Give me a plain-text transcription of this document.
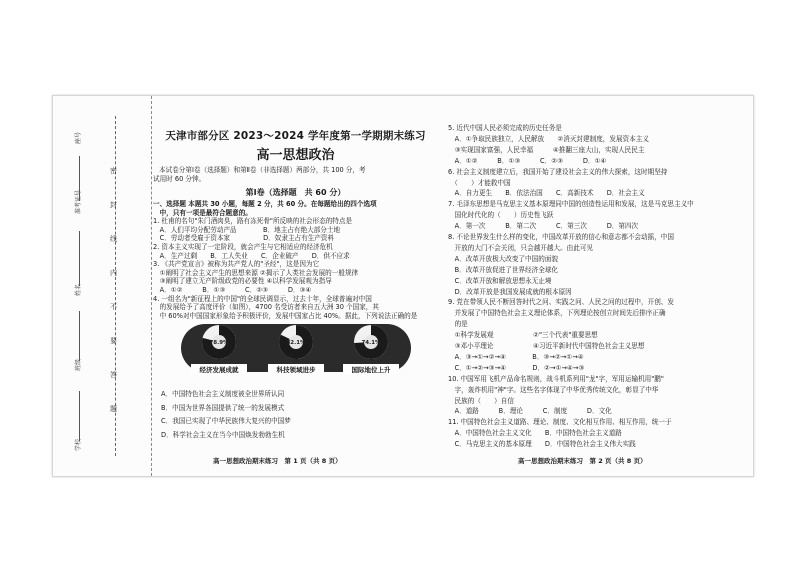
学校
班级
姓名
准考证号
座号
密
封
线
内
不
要
答
题
天津市部分区 2023～2024 学年度第一学期期末练习
高一思想政治
本试卷分第Ⅰ卷（选择题）和第Ⅱ卷（非选择题）两部分，共 100 分，考
试用时 60 分钟。
第Ⅰ卷（选择题　共 60 分）
一、选择题 本题共 30 小题，每题 2 分，共 60 分。在每题给出的四个选项
　中，只有一项是最符合题意的。
1. 杜甫的名句"朱门酒肉臭，路有冻死骨"所反映的社会形态的特点是
　A．人们平均分配劳动产品　　　　B．地主占有绝大部分土地
　C．劳动者受雇于资本家　　　　　D．奴隶主占有生产资料
2. 资本主义实现了一定阶段，就会产生与它相适应的经济危机
　A．生产过剩　　B．工人失业　　C．企业破产　　D．供不应求
3. 《共产党宣言》被称为共产党人的"圣经"，这是因为它
　①阐明了社会主义产生的思想来源 ②揭示了人类社会发展的一般规律
　③阐明了建立无产阶级政党的必要性 ④以科学发展观为指导
　A．①②　　　B．①③　　　C．②③　　　D．③④
4. 一组名为"新征程上的中国"的全球民调显示，过去十年，全球普遍对中国
　的发展给予了高度评价（如图），4700 名受访者来自五大洲 30 个国家，其
　中 60%对中国国家形象给予积极评价，发展中国家占比 40%。据此，下列说法正确的是
78.9%
经济发展成就
82.1%
科技领域进步
74.1%
国际地位上升
A．中国特色社会主义制度被全世界所认同
B．中国为世界各国提供了统一的发展模式
C．我国已实现了中华民族伟大复兴的中国梦
D．科学社会主义在当今中国焕发勃勃生机
高一思想政治期末练习　第 1 页（共 8 页）
5. 近代中国人民必须完成的历史任务是
　A．①争取民族独立，人民解放　　②消灭封建制度，发展资本主义
　③实现国家富强，人民幸福　　　④推翻三座大山，实现人民民主
　A．①②　　　B．①③　　　C．②③　　　D．①④
6. 社会主义制度建立后，我国开始了建设社会主义的伟大探索，这时期坚持
　（　　）才能救中国
　A．自力更生　　B．依法治国　　C．高新技术　　D．社会主义
7. 毛泽东思想是马克思主义基本原理同中国的创造性运用和发展，这是马克思主义中
　国化时代化的（　　）历史性飞跃
　A．第一次　　　B．第二次　　　C．第三次　　　D．第四次
8. 不论世界发生什么样的变化，中国改革开放的信心和意志都不会动摇，中国
　开放的大门不会关闭，只会越开越大。由此可见
　A．改革开放极大改变了中国的面貌
　B．改革开放促进了世界经济全球化
　C．改革开放和解放思想永无止境
　D．改革开放是我国发展成就的根本原因
9. 党在带领人民不断回答时代之问、实践之问、人民之问的过程中，开创、发
　并发展了中国特色社会主义理论体系，下列理论按创立时间先后排序正确
　的是
　①科学发展观　　　　　　②"三个代表"重要思想
　③邓小平理论　　　　　　④习近平新时代中国特色社会主义思想
　A．③→①→②→④　　　　B．③→②→①→④
　C．①→②→③→④　　　　D．②→①→④→③
10. 中国军用飞机产品命名规则，战斗机系列用"龙"字，军用运输机用"鹏"
　字，轰炸机用"神"字。这些名字体现了中华优秀传统文化，彰显了中华
　民族的（　　）自信
　A．道路　　　B．理论　　　C．制度　　　D．文化
11. 中国特色社会主义道路、理论、制度、文化相互作用、相互作用，统一于
　A．中国特色社会主义文化　　B．中国特色社会主义道路
　C．马克思主义的基本原理　　D．中国特色社会主义伟大实践
高一思想政治期末练习　第 2 页（共 8 页）
